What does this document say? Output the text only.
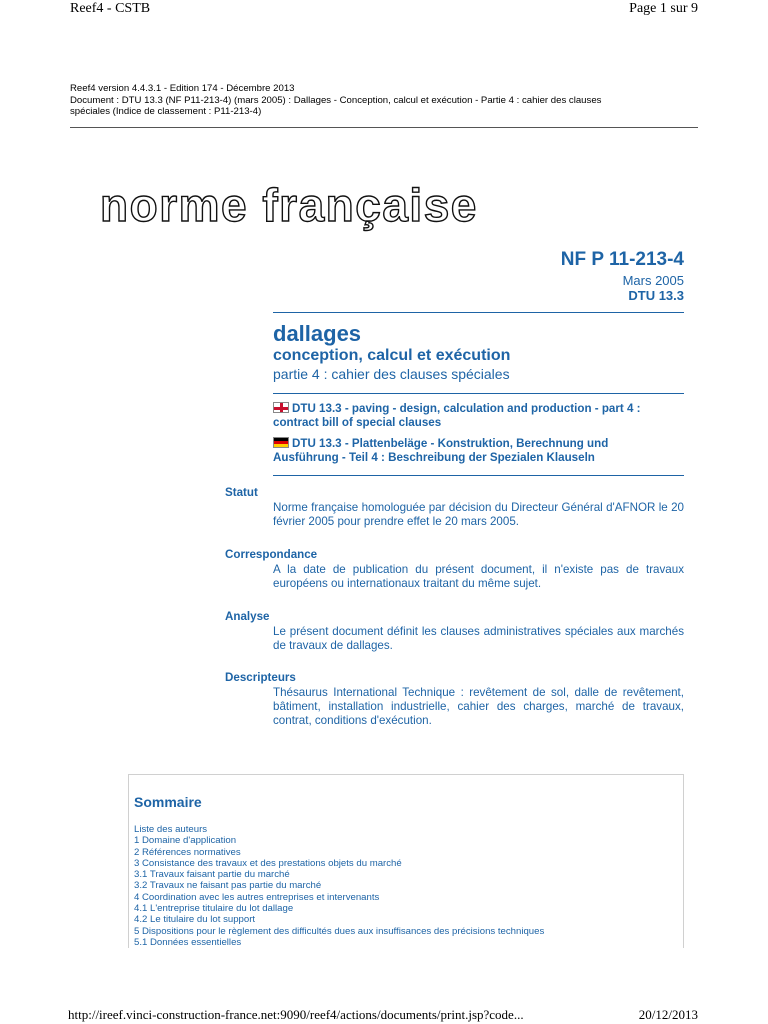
Reef4 - CSTB	Page 1 sur 9
Reef4 version 4.4.3.1 - Edition 174 - Décembre 2013
Document : DTU 13.3 (NF P11-213-4) (mars 2005) : Dallages - Conception, calcul et exécution - Partie 4 : cahier des clauses
spéciales (Indice de classement : P11-213-4)
norme française
NF P 11-213-4
Mars 2005
DTU 13.3
dallages
conception, calcul et exécution
partie 4 : cahier des clauses spéciales
DTU 13.3 - paving - design, calculation and production - part 4 :
contract bill of special clauses
DTU 13.3 - Plattenbeläge - Konstruktion, Berechnung und
Ausführung - Teil 4 : Beschreibung der Spezialen Klauseln
Statut
Norme française homologuée par décision du Directeur Général d'AFNOR le 20 février 2005 pour prendre effet le 20 mars 2005.
Correspondance
A la date de publication du présent document, il n'existe pas de travaux européens ou internationaux traitant du même sujet.
Analyse
Le présent document définit les clauses administratives spéciales aux marchés de travaux de dallages.
Descripteurs
Thésaurus International Technique : revêtement de sol, dalle de revêtement, bâtiment, installation industrielle, cahier des charges, marché de travaux, contrat, conditions d'exécution.
Sommaire
Liste des auteurs
1 Domaine d'application
2 Références normatives
3 Consistance des travaux et des prestations objets du marché
3.1 Travaux faisant partie du marché
3.2 Travaux ne faisant pas partie du marché
4 Coordination avec les autres entreprises et intervenants
4.1 L'entreprise titulaire du lot dallage
4.2 Le titulaire du lot support
5 Dispositions pour le règlement des difficultés dues aux insuffisances des précisions techniques
5.1 Données essentielles
http://ireef.vinci-construction-france.net:9090/reef4/actions/documents/print.jsp?code...	20/12/2013
